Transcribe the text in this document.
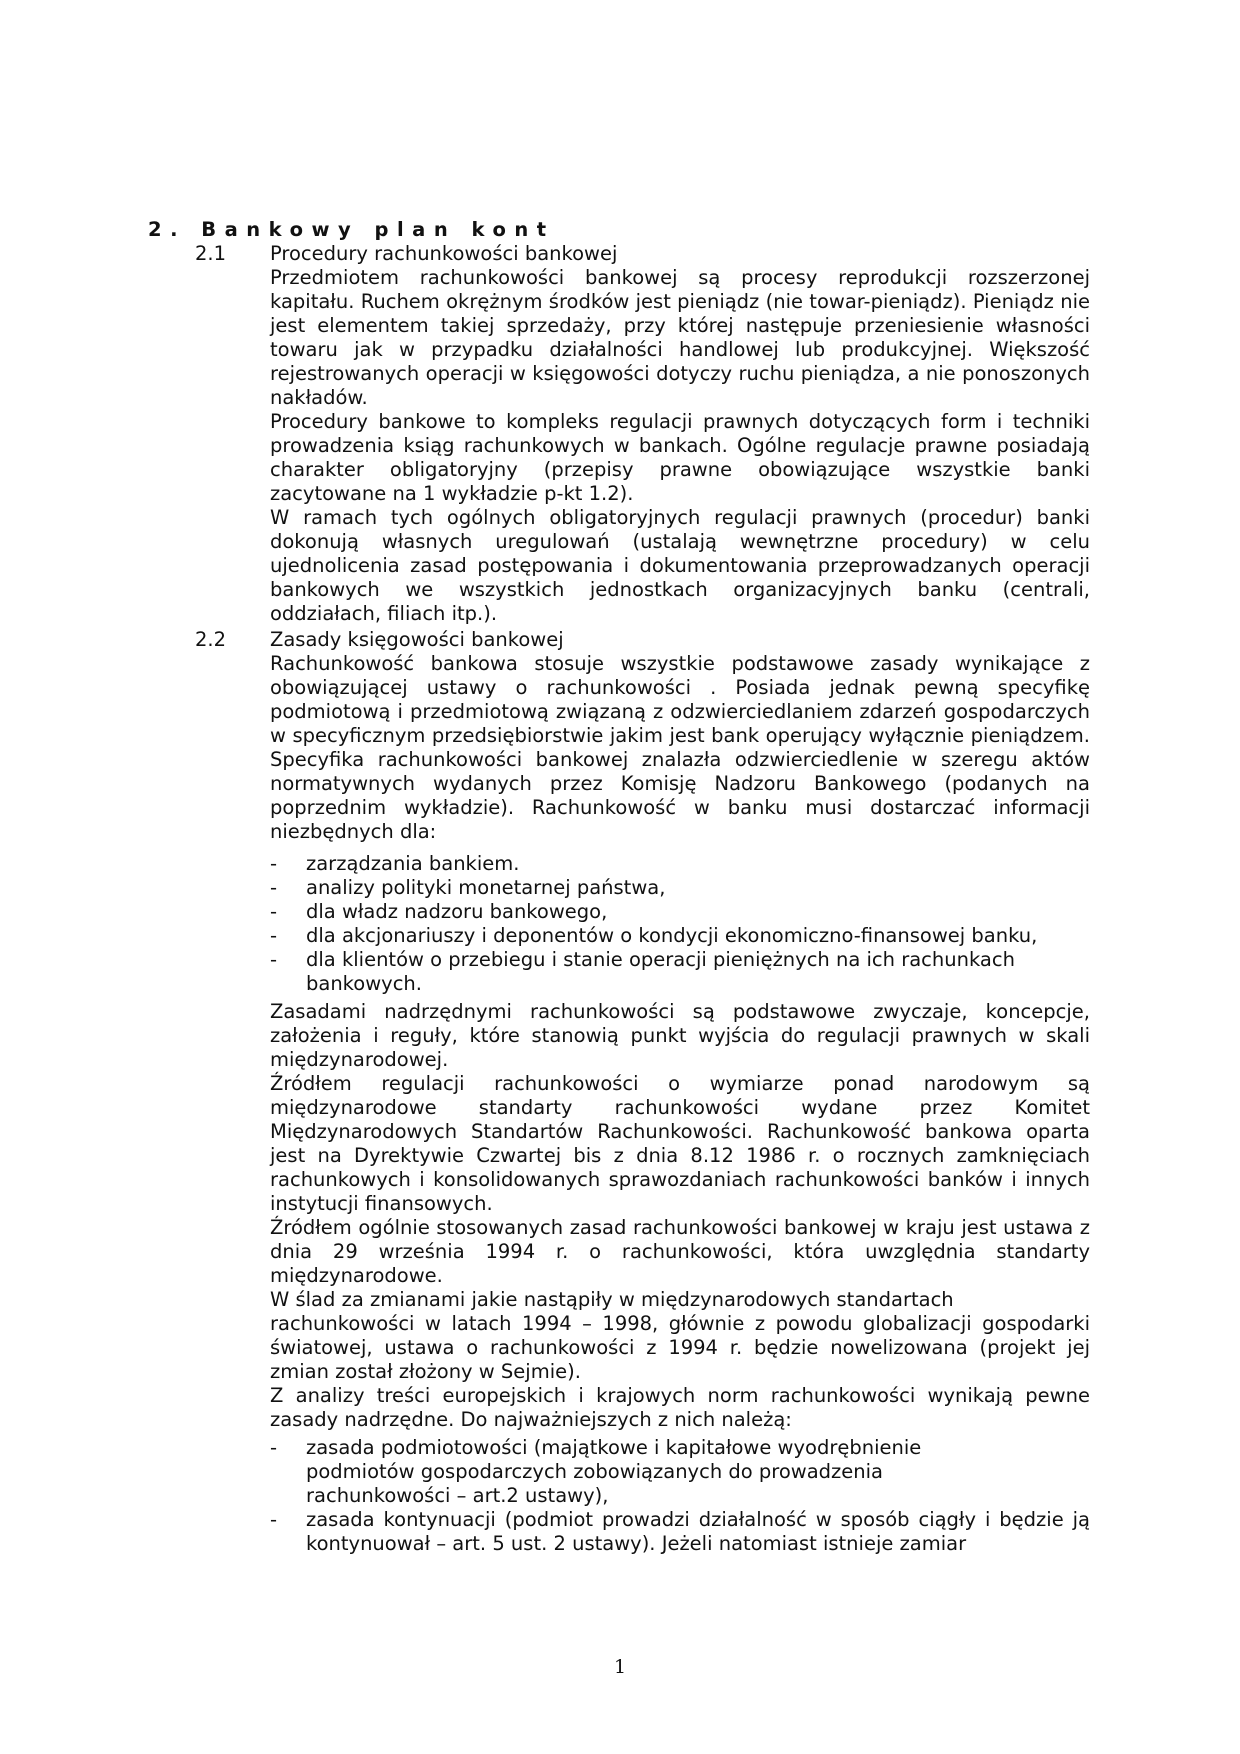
2. Bankowy plan kont
2.1 Procedury rachunkowości bankowej

Przedmiotem rachunkowości bankowej są procesy reprodukcji rozszerzonej kapitału. Ruchem okrężnym środków jest pieniądz (nie towar-pieniądz). Pieniądz nie jest elementem takiej sprzedaży, przy której następuje przeniesienie własności towaru jak w przypadku działalności handlowej lub produkcyjnej. Większość rejestrowanych operacji w księgowości dotyczy ruchu pieniądza, a nie ponoszonych nakładów.

Procedury bankowe to kompleks regulacji prawnych dotyczących form i techniki prowadzenia ksiąg rachunkowych w bankach. Ogólne regulacje prawne posiadają charakter obligatoryjny (przepisy prawne obowiązujące wszystkie banki zacytowane na 1 wykładzie p-kt 1.2).

W ramach tych ogólnych obligatoryjnych regulacji prawnych (procedur) banki dokonują własnych uregulowań (ustalają wewnętrzne procedury) w celu ujednolicenia zasad postępowania i dokumentowania przeprowadzanych operacji bankowych we wszystkich jednostkach organizacyjnych banku (centrali, oddziałach, filiach itp.).

2.2 Zasady księgowości bankowej

Rachunkowość bankowa stosuje wszystkie podstawowe zasady wynikające z obowiązującej ustawy o rachunkowości . Posiada jednak pewną specyfikę podmiotową i przedmiotową związaną z odzwierciedlaniem zdarzeń gospodarczych w specyficznym przedsiębiorstwie jakim jest bank operujący wyłącznie pieniądzem. Specyfika rachunkowości bankowej znalazła odzwierciedlenie w szeregu aktów normatywnych wydanych przez Komisję Nadzoru Bankowego (podanych na poprzednim wykładzie). Rachunkowość w banku musi dostarczać informacji niezbędnych dla:

- zarządzania bankiem.
- analizy polityki monetarnej państwa,
- dla władz nadzoru bankowego,
- dla akcjonariuszy i deponentów o kondycji ekonomiczno-finansowej banku,
- dla klientów o przebiegu i stanie operacji pieniężnych na ich rachunkach bankowych.

Zasadami nadrzędnymi rachunkowości są podstawowe zwyczaje, koncepcje, założenia i reguły, które stanowią punkt wyjścia do regulacji prawnych w skali międzynarodowej.

Źródłem regulacji rachunkowości o wymiarze ponad narodowym są międzynarodowe standarty rachunkowości wydane przez Komitet Międzynarodowych Standartów Rachunkowości. Rachunkowość bankowa oparta jest na Dyrektywie Czwartej bis z dnia 8.12 1986 r. o rocznych zamknięciach rachunkowych i konsolidowanych sprawozdaniach rachunkowości banków i innych instytucji finansowych.

Źródłem ogólnie stosowanych zasad rachunkowości bankowej w kraju jest ustawa z dnia 29 września 1994 r. o rachunkowości, która uwzględnia standarty międzynarodowe.

W ślad za zmianami jakie nastąpiły w międzynarodowych standartach

rachunkowości w latach 1994 – 1998, głównie z powodu globalizacji gospodarki światowej, ustawa o rachunkowości z 1994 r. będzie nowelizowana (projekt jej zmian został złożony w Sejmie).

Z analizy treści europejskich i krajowych norm rachunkowości wynikają pewne zasady nadrzędne. Do najważniejszych z nich należą:

- zasada podmiotowości (majątkowe i kapitałowe wyodrębnienie podmiotów gospodarczych zobowiązanych do prowadzenia rachunkowości – art.2 ustawy),
- zasada kontynuacji (podmiot prowadzi działalność w sposób ciągły i będzie ją kontynuował – art. 5 ust. 2 ustawy). Jeżeli natomiast istnieje zamiar
1
